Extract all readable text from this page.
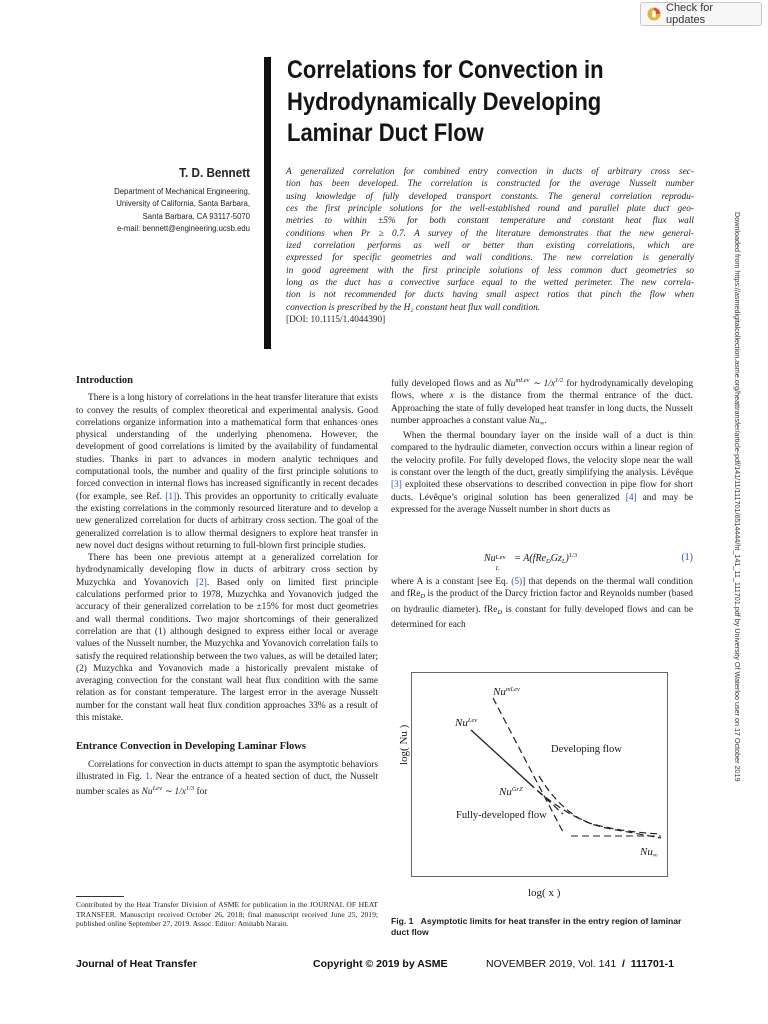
Check for updates
Correlations for Convection in
Hydrodynamically Developing
Laminar Duct Flow
T. D. Bennett
Department of Mechanical Engineering,
University of California, Santa Barbara,
Santa Barbara, CA 93117-5070
e-mail: bennett@engineering.ucsb.edu
A generalized correlation for combined entry convection in ducts of arbitrary cross sec-
tion has been developed. The correlation is constructed for the average Nusselt number
using knowledge of fully developed transport constants. The general correlation reprodu-
ces the first principle solutions for the well-established round and parallel plate duct geo-
metries to within ±5% for both constant temperature and constant heat flux wall
conditions when Pr ≥ 0.7. A survey of the literature demonstrates that the new general-
ized correlation performs as well or better than existing correlations, which are
expressed for specific geometries and wall conditions. The new correlation is generally
in good agreement with the first principle solutions of less common duct geometries so
long as the duct has a convective surface equal to the wetted perimeter. The new correla-
tion is not recommended for ducts having small aspect ratios that pinch the flow when
convection is prescribed by the H₂ constant heat flux wall condition.
[DOI: 10.1115/1.4044390]	Downloaded from https://asmedigitalcollection.asme.org/heattransfer/article-pdf/141/11/111701/6514444/ht_141_11_111701.pdf by University Of Waterloo user on 17 October 2019
Introduction

There is a long history of correlations in the heat transfer literature that exists to convey the results of complex theoretical and experimental analysis. Good correlations organize information into a mathematical form that enhances ones physical understanding of the underlying phenomena. However, the development of good correlations is limited by the availability of fundamental studies. Thanks in part to advances in modern analytic techniques and computational tools, the number and quality of the first principle solutions to forced convection in internal flows has increased significantly in recent decades (for example, see Ref. [1]). This provides an opportunity to critically evaluate the existing correlations in the commonly resourced literature and to develop a new generalized correlation for ducts of arbitrary cross section. The goal of the generalized correlation is to allow thermal designers to explore heat transfer in new novel duct designs without returning to full-blown first principle studies.

There has been one previous attempt at a generalized correlation for hydrodynamically developing flow in ducts of arbitrary cross section by Muzychka and Yovanovich [2]. Based only on limited first principle calculations performed prior to 1978, Muzychka and Yovanovich judged the accuracy of their generalized correlation to be ±15% for most duct geometries and wall thermal conditions. Two major shortcomings of their generalized correlation are that (1) although designed to express either local or average values of the Nusselt number, the Muzychka and Yovanovich correlation fails to satisfy the required relationship between the two values, as will be detailed later; (2) Muzychka and Yovanovich made a historically prevalent mistake of averaging convection for the constant wall heat flux condition with the same relation as for constant temperature. The largest error in the average Nusselt number for the constant wall heat flux condition approaches 33% as a result of this mistake.

Entrance Convection in Developing Laminar Flows

Correlations for convection in ducts attempt to span the asymptotic behaviors illustrated in Fig. 1. Near the entrance of a heated section of duct, the Nusselt number scales as $Nu^{Lev}$ ∼ $1/x^{1/3}$ for

fully developed flows and as $Nu^{mLev}$ ∼ $1/x^{1/2}$ for hydrodynamically developing flows, where x is the distance from the thermal entrance of the duct. Approaching the state of fully developed heat transfer in long ducts, the Nusselt number approaches a constant value $Nu_\infty$.

When the thermal boundary layer on the inside wall of a duct is thin compared to the hydraulic diameter, convection occurs within a linear region of the velocity profile. For fully developed flows, the velocity slope near the wall is constant over the length of the duct, greatly simplifying the analysis. Lévêque [3] exploited these observations to described convection in pipe flow for short ducts. Lévêque’s original solution has been generalized [4] and may be expressed for the average Nusselt number in short ducts as

Nu Lev
L
= $A(fRe_DGz_L)^{1/3}$	(1)

where A is a constant [see Eq. (5)] that depends on the thermal wall condition and fRe$_D$ is the product of the Darcy friction factor and Reynolds number (based on hydraulic diameter). fRe$_D$ is constant for fully developed flows and can be determined for each

$Nu^{mLev}$
$Nu^{Lev}$
Developing flow
$Nu^{GrZ}$
Fully-developed flow
$Nu_\infty$
log( x )
log( Nu )
Fig. 1 Asymptotic limits for heat transfer in the entry region of laminar duct flow
Contributed by the Heat Transfer Division of ASME for publication in the JOURNAL OF HEAT TRANSFER. Manuscript received October 26, 2018; final manuscript received June 25, 2019; published online September 27, 2019. Assoc. Editor: Amitabh Narain.
Journal of Heat Transfer	Copyright © 2019 by ASME	NOVEMBER 2019, Vol. 141 / 111701-1
